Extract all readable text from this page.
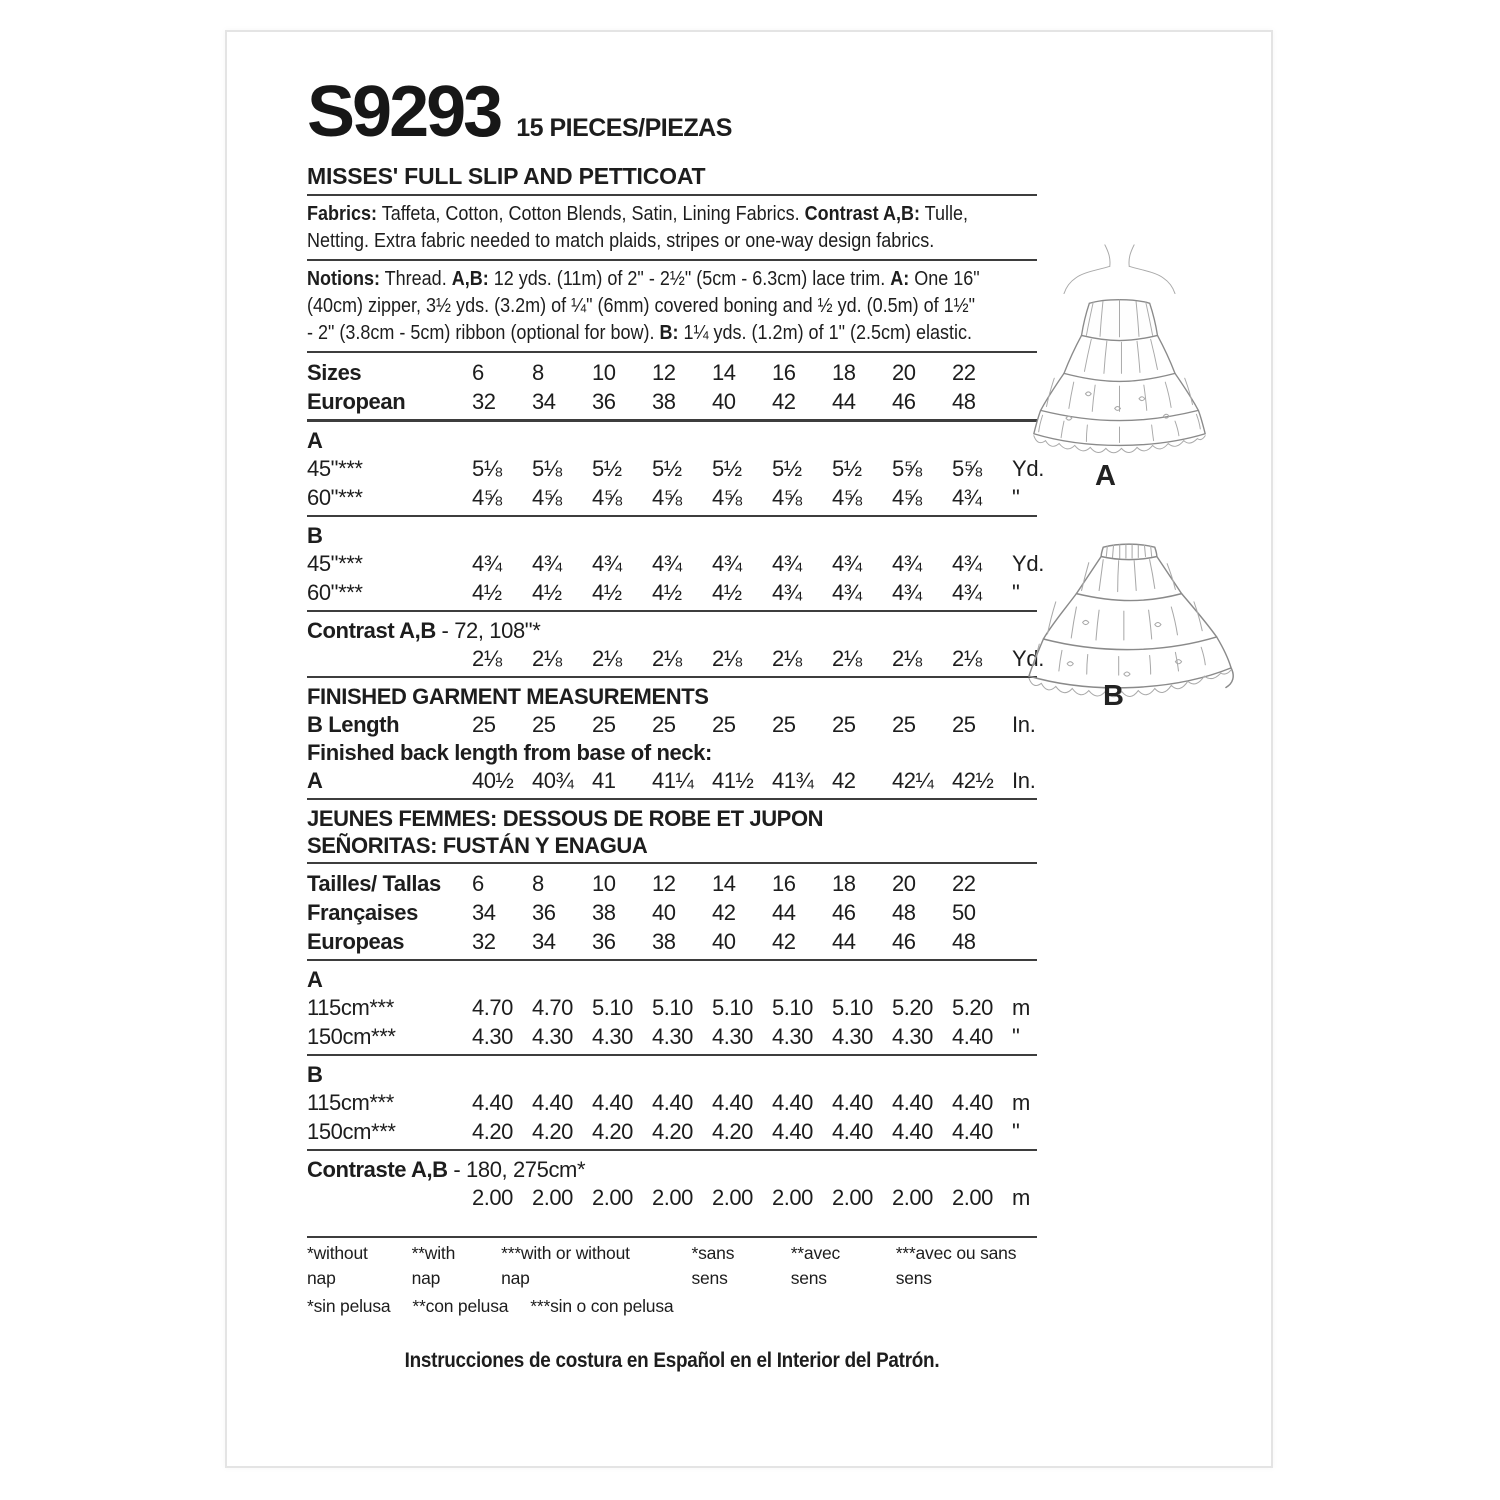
S9293 15 PIECES/PIEZAS
MISSES' FULL SLIP AND PETTICOAT
Fabrics: Taffeta, Cotton, Cotton Blends, Satin, Lining Fabrics. Contrast A,B: Tulle,
Netting. Extra fabric needed to match plaids, stripes or one-way design fabrics.
Notions: Thread. A,B: 12 yds. (11m) of 2" - 2½" (5cm - 6.3cm) lace trim. A: One 16"
(40cm) zipper, 3½ yds. (3.2m) of ¼" (6mm) covered boning and ½ yd. (0.5m) of 1½"
- 2" (3.8cm - 5cm) ribbon (optional for bow). B: 1¼ yds. (1.2m) of 1" (2.5cm) elastic.
Sizes	6	8	10	12	14	16	18	20	22
European	32	34	36	38	40	42	44	46	48
A
45"***	5⅛	5⅛	5½	5½	5½	5½	5½	5⅝	5⅝	Yd.
60"***	4⅝	4⅝	4⅝	4⅝	4⅝	4⅝	4⅝	4⅝	4¾	"
B
45"***	4¾	4¾	4¾	4¾	4¾	4¾	4¾	4¾	4¾	Yd.
60"***	4½	4½	4½	4½	4½	4¾	4¾	4¾	4¾	"
Contrast A,B - 72, 108"*
2⅛	2⅛	2⅛	2⅛	2⅛	2⅛	2⅛	2⅛	2⅛	Yd.
FINISHED GARMENT MEASUREMENTS
B Length	25	25	25	25	25	25	25	25	25	In.
Finished back length from base of neck:
A	40½ 40¾ 41	41¼ 41½ 41¾ 42	42¼ 42½ In.
JEUNES FEMMES: DESSOUS DE ROBE ET JUPON
SEÑORITAS: FUSTÁN Y ENAGUA
Tailles/ Tallas	6	8	10	12	14	16	18	20	22
Françaises	34	36	38	40	42	44	46	48	50
Europeas	32	34	36	38	40	42	44	46	48
A
115cm***	4.70 4.70 5.10 5.10 5.10 5.10 5.10 5.20 5.20 m
150cm***	4.30 4.30 4.30 4.30 4.30 4.30 4.30 4.30 4.40 "
B
115cm***	4.40 4.40 4.40 4.40 4.40 4.40 4.40 4.40 4.40 m
150cm***	4.20 4.20 4.20 4.20 4.20 4.40 4.40 4.40 4.40 "
Contraste A,B - 180, 275cm*
2.00 2.00 2.00 2.00 2.00 2.00 2.00 2.00 2.00 m
*without nap
**with nap
***with or without nap
*sans sens
**avec sens
***avec ou sans sens
*sin pelusa **con pelusa ***sin o con pelusa
Instrucciones de costura en Español en el Interior del Patrón.
A
B
